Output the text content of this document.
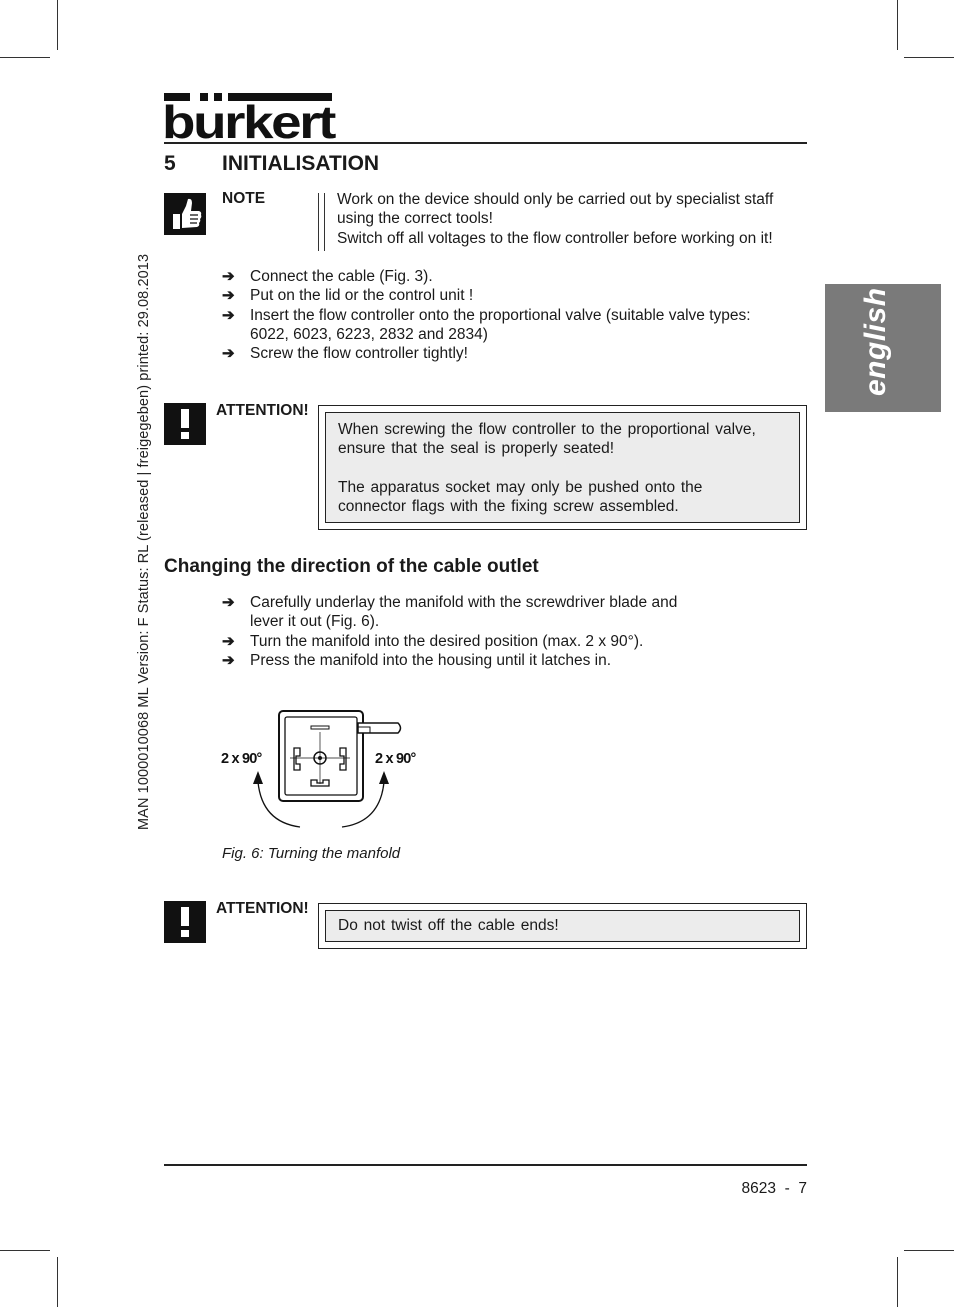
MAN 1000010068 ML Version: F Status: RL (released | freigegeben) printed: 29.08.2013
burkert
english
5 INITIALISATION
NOTE	Work on the device should only be carried out by specialist staff
using the correct tools!
Switch off all voltages to the flow controller before working on it!
➔ Connect the cable (Fig. 3).
➔ Put on the lid or the control unit !
➔ Insert the flow controller onto the proportional valve (suitable valve types:
6022, 6023, 6223, 2832 and 2834)
➔ Screw the flow controller tightly!
ATTENTION!

When screwing the flow controller to the proportional valve,
ensure that the seal is properly seated!

The apparatus socket may only be pushed onto the
connector flags with the fixing screw assembled.

Changing the direction of the cable outlet
➔ Carefully underlay the manifold with the screwdriver blade and
lever it out (Fig. 6).
➔ Turn the manifold into the desired position (max. 2 x 90°).
➔ Press the manifold into the housing until it latches in.
2 x 90°	2 x 90°
Fig. 6: Turning the manfold
ATTENTION!

Do not twist off the cable ends!

8623  -  7
